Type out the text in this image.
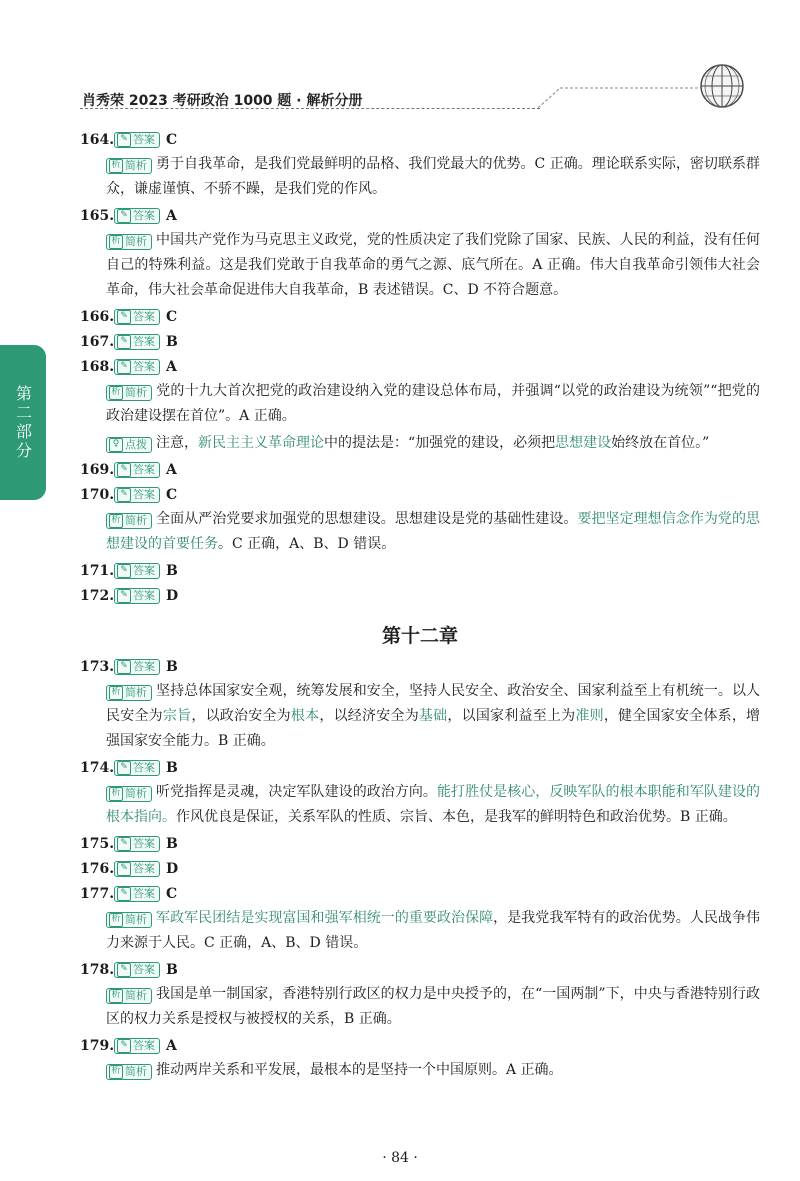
肖秀荣 2023 考研政治 1000 题 · 解析分册
第二部分
164. ✎ 答案 C
析 简析 勇于自我革命，是我们党最鲜明的品格、我们党最大的优势。C 正确。理论联系实际，密切联系群众，谦虚谨慎、不骄不躁，是我们党的作风。
165. ✎ 答案 A
析 简析 中国共产党作为马克思主义政党，党的性质决定了我们党除了国家、民族、人民的利益，没有任何自己的特殊利益。这是我们党敢于自我革命的勇气之源、底气所在。A 正确。伟大自我革命引领伟大社会革命，伟大社会革命促进伟大自我革命，B 表述错误。C、D 不符合题意。
166. ✎ 答案 C
167. ✎ 答案 B
168. ✎ 答案 A
析 简析 党的十九大首次把党的政治建设纳入党的建设总体布局，并强调“以党的政治建设为统领”“把党的政治建设摆在首位”。A 正确。
♀ 点拨 注意，新民主主义革命理论中的提法是：“加强党的建设，必须把思想建设始终放在首位。”
169. ✎ 答案 A
170. ✎ 答案 C
析 简析 全面从严治党要求加强党的思想建设。思想建设是党的基础性建设。要把坚定理想信念作为党的思想建设的首要任务。C 正确，A、B、D 错误。
171. ✎ 答案 B
172. ✎ 答案 D
第十二章
173. ✎ 答案 B
析 简析 坚持总体国家安全观，统筹发展和安全，坚持人民安全、政治安全、国家利益至上有机统一。以人民安全为宗旨，以政治安全为根本，以经济安全为基础，以国家利益至上为准则，健全国家安全体系，增强国家安全能力。B 正确。
174. ✎ 答案 B
析 简析 听党指挥是灵魂，决定军队建设的政治方向。能打胜仗是核心，反映军队的根本职能和军队建设的根本指向。作风优良是保证，关系军队的性质、宗旨、本色，是我军的鲜明特色和政治优势。B 正确。
175. ✎ 答案 B
176. ✎ 答案 D
177. ✎ 答案 C
析 简析 军政军民团结是实现富国和强军相统一的重要政治保障，是我党我军特有的政治优势。人民战争伟力来源于人民。C 正确，A、B、D 错误。
178. ✎ 答案 B
析 简析 我国是单一制国家，香港特别行政区的权力是中央授予的，在“一国两制”下，中央与香港特别行政区的权力关系是授权与被授权的关系，B 正确。
179. ✎ 答案 A
析 简析 推动两岸关系和平发展，最根本的是坚持一个中国原则。A 正确。
· 84 ·
